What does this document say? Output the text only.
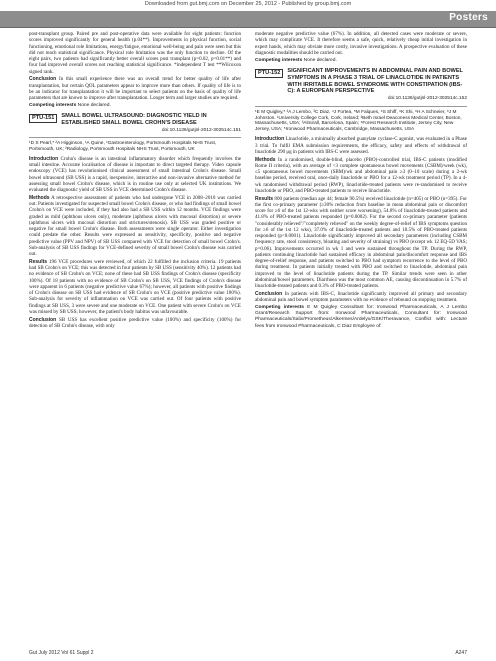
Downloaded from gut.bmj.com on December 25, 2012 - Published by group.bmj.com
Posters

post-transplant group. Paired pre and post-operative data were available for eight patients: function scores improved significantly for general health (p.04**). Improvements in physical function, social functioning, emotional role limitations, energy/fatigue, emotional well-being and pain were seen but this did not reach statistical significance. Physical role limitation was the only function to decline. Of the eight pairs, two patients had significantly better overall scores post transplant (p=0.02, p=0.01**) and four had improved overall scores not reaching statistical significance. *independent T test **Wilcoxon signed rank.

Conclusion In this small experience there was an overall trend for better quality of life after transplantation, but certain QOL parameters appear to improve more than others. If quality of life is to be an indicator for transplantation it will be important to select patients on the basis of quality of life parameters that are known to improve after transplantation. Longer term and larger studies are required.

Competing interests None declared.

PTU-151	SMALL BOWEL ULTRASOUND: DIAGNOSTIC YIELD IN ESTABLISHED SMALL BOWEL CROHN'S DISEASE
doi:10.1136/gutjnl-2012-302514c.151
¹D S Pearl,* ²A Higginson, ¹A Quine, ¹Gastroenterology, Portsmouth Hospitals NHS Trust, Portsmouth, UK; ²Radiology, Portsmouth Hospitals NHS Trust, Portsmouth, UK

Introduction Crohn's disease is an intestinal inflammatory disorder which frequently involves the small intestine. Accurate localisation of disease is important to direct targeted therapy. Video capsule endoscopy (VCE) has revolutionised clinical assessment of small intestinal Crohn's disease. Small bowel ultrasound (SB USS) is a rapid, inexpensive, interactive and non-invasive alternative method for assessing small bowel Crohn's disease, which is in routine use only at selected UK institutions. We evaluated the diagnostic yield of SB USS in VCE determined Crohn's disease.

Methods A retrospective assessment of patients who had undergone VCE in 2008–2010 was carried out. Patients investigated for suspected small bowel Crohn's disease, or who had findings of small bowel Crohn's on VCE were included, if they had also had a SB USS within 12 months. VCE findings were graded as mild (aphthous ulcers only), moderate (aphthous ulcers with mucosal distortion) or severe (aphthous ulcers with mucosal distortion and strictures/stenosis). SB USS was graded positive or negative for small bowel Crohn's disease. Both assessments were single operator. Either investigation could predate the other. Results were expressed as sensitivity, specificity, positive and negative predictive value (PPV and NPV) of SB USS compared with VCE for detection of small bowel Crohn's. Sub-analysis of SB USS findings for VCE-defined severity of small bowel Crohn's disease was carried out.

Results 196 VCE procedures were reviewed, of which 22 fulfilled the inclusion criteria. 19 patients had SB Crohn's on VCE; this was detected in four patients by SB USS (sensitivity 40%). 12 patients had no evidence of SB Crohn's on VCE; none of these had SB USS findings of Crohn's disease (specificity 100%). Of 18 patients with no evidence of SB Crohn's on SB USS, VCE findings of Crohn's disease were apparent in 6 patients (negative predictive value 67%); however, all patients with positive findings of Crohn's disease on SB USS had evidence of SB Crohn's on VCE (positive predictive value 100%). Sub-analysis for severity of inflammation on VCE was carried out. Of four patients with positive findings at SB USS, 3 were severe and one moderate on VCE. One patient with severe Crohn's on VCE was missed by SB USS; however, the patient's body habitus was unfavourable.

Conclusion SB USS has excellent positive predictive value (100%) and specificity (100%) for detection of SB Crohn's disease, with only

moderate negative predictive value (67%). In addition, all detected cases were moderate or severe, which may complicate VCE. It therefore seems a safe, quick, relatively cheap initial investigation in expert hands, which may obviate more costly, invasive investigations. A prospective evaluation of these diagnostic modalities should be carried out.

Competing interests None declared.

PTU-152	SIGNIFICANT IMPROVEMENTS IN ABDOMINAL PAIN AND BOWEL SYMPTOMS IN A PHASE 3 TRIAL OF LINACLOTIDE IN PATIENTS WITH IRRITABLE BOWEL SYNDROME WITH CONSTIPATION (IBS-C): A EUROPEAN PERSPECTIVE
doi:10.1136/gutjnl-2012-302514c.152
¹E M Quigley,* ²A J Lembo, ³C Diaz, ⁴J Fortea, ⁵M Falques, ⁶S Shiff, ⁶K Shi, ⁶H A Schneier, ⁶J M Johnston. ¹University College Cork, Cork, Ireland; ²Beth Israel Deaconess Medical Center, Boston, Massachusetts, USA; ³Almirall, Barcelona, Spain; ⁴Forest Research Institute, Jersey City, New Jersey, USA; ⁵Ironwood Pharmaceuticals, Cambridge, Massachusetts, USA

Introduction Linaclotide, a minimally absorbed guanylate cyclase-C agonist, was evaluated in a Phase 3 trial. To fulfil EMA submission requirements, the efficacy, safety and effects of withdrawal of linaclotide 290 μg in patients with IBS-C were assessed.

Methods In a randomised, double-blind, placebo (PBO)-controlled trial, IBS-C patients (modified Rome II criteria), with an average of <3 complete spontaneous bowel movements (CSBM)/week (wk), ≤5 spontaneous bowel movements (SBM)/wk and abdominal pain ≥3 (0–10 scale) during a 2-wk baseline period, received oral, once-daily linaclotide or PBO for a 12-wk treatment period (TP). In a 4-wk randomised withdrawal period (RWP), linaclotide-treated patients were re-randomised to receive linaclotide or PBO, and PBO-treated patients to receive linaclotide.

Results 800 patients (median age 44; female 90.5%) received linaclotide (n=405) or PBO (n=395). For the first co-primary parameter (≥30% reduction from baseline in mean abdominal pain or discomfort score for ≥6 of the 1st 12-wks with neither score worsening), 54.8% of linaclotide-treated patients and 41.8% of PBO-treated patients responded (p=0.0002). For the second co-primary parameter (patients "considerably relieved"/"completely relieved" on the weekly degree-of-relief of IBS symptoms question for ≥6 of the 1st 12 wks), 37.0% of linaclotide-treated patients and 18.5% of PBO-treated patients responded (p<0.0001). Linaclotide significantly improved all secondary parameters (including CSBM frequency rate, stool consistency, bloating and severity of straining) vs PBO (except wk 12 EQ-5D VAS; p=0.06). Improvements occurred in wk 1 and were sustained throughout the TP. During the RWP, patients continuing linaclotide had sustained efficacy in abdominal pain/discomfort response and IBS degree-of-relief response, and patients switched to PBO had symptom recurrence to the level of PBO during treatment. In patients initially treated with PBO and switched to linaclotide, abdominal pain improved to the level of linaclotide patients during the TP. Similar trends were seen in other abdominal/bowel parameters. Diarrhoea was the most common AE, causing discontinuation in 5.7% of linaclotide-treated patients and 0.3% of PBO-treated patients.

Conclusion In patients with IBS-C, linaclotide significantly improved all primary and secondary abdominal pain and bowel symptom parameters with no evidence of rebound on stopping treatment.

Competing interests E M Quigley Consultant for: Ironwood Pharmaceuticals, A J Lembo Grant/Research Support from: Ironwood Pharmaceuticals, Consultant for: Ironwood Pharmaceuticals/Salix/Prometheus/Alkermes/Ardelyx/GSK/Theravance, Conflict with: Lecture fees from Ironwood Pharmaceuticals, C Diaz Employee of:

Gut July 2012 Vol 61 Suppl 2	A247
